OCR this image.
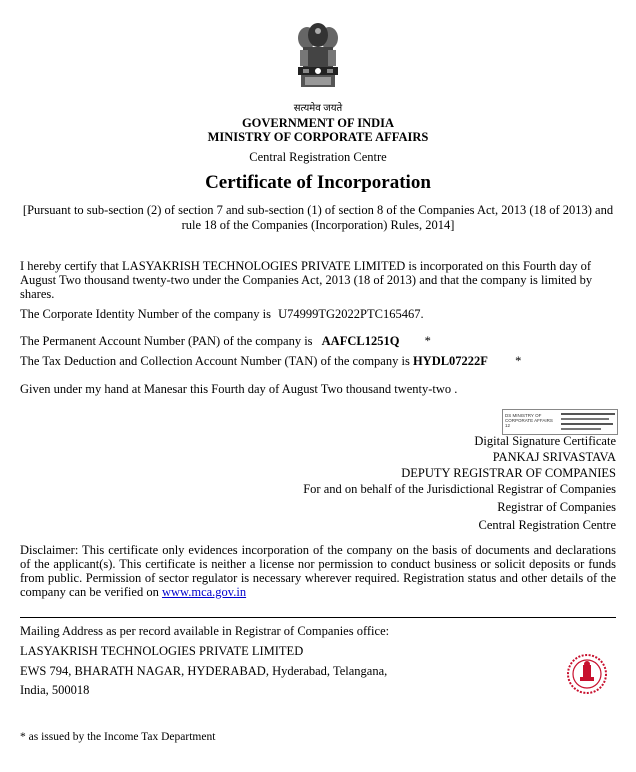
सत्यमेव जयते
GOVERNMENT OF INDIA
MINISTRY OF CORPORATE AFFAIRS
Central Registration Centre
Certificate of Incorporation
[Pursuant to sub-section (2) of section 7 and sub-section (1) of section 8 of the Companies Act, 2013 (18 of 2013) and rule 18 of the Companies (Incorporation) Rules, 2014]
I hereby certify that LASYAKRISH TECHNOLOGIES PRIVATE LIMITED is incorporated on this Fourth day of August Two thousand twenty-two under the Companies Act, 2013 (18 of 2013) and that the company is limited by shares.
The Corporate Identity Number of the company is U74999TG2022PTC165467.
The Permanent Account Number (PAN) of the company is AAFCL1251Q *
The Tax Deduction and Collection Account Number (TAN) of the company is HYDL07222F *
Given under my hand at Manesar this Fourth day of August Two thousand twenty-two .
DS MINISTRY OF CORPORATE AFFAIRS 12
Digital Signature Certificate
PANKAJ SRIVASTAVA
DEPUTY REGISTRAR OF COMPANIES
For and on behalf of the Jurisdictional Registrar of Companies
Registrar of Companies
Central Registration Centre
Disclaimer: This certificate only evidences incorporation of the company on the basis of documents and declarations of the applicant(s). This certificate is neither a license nor permission to conduct business or solicit deposits or funds from public. Permission of sector regulator is necessary wherever required. Registration status and other details of the company can be verified on www.mca.gov.in
Mailing Address as per record available in Registrar of Companies office:
LASYAKRISH TECHNOLOGIES PRIVATE LIMITED
EWS 794, BHARATH NAGAR, HYDERABAD, Hyderabad, Telangana,
India, 500018
* as issued by the Income Tax Department
